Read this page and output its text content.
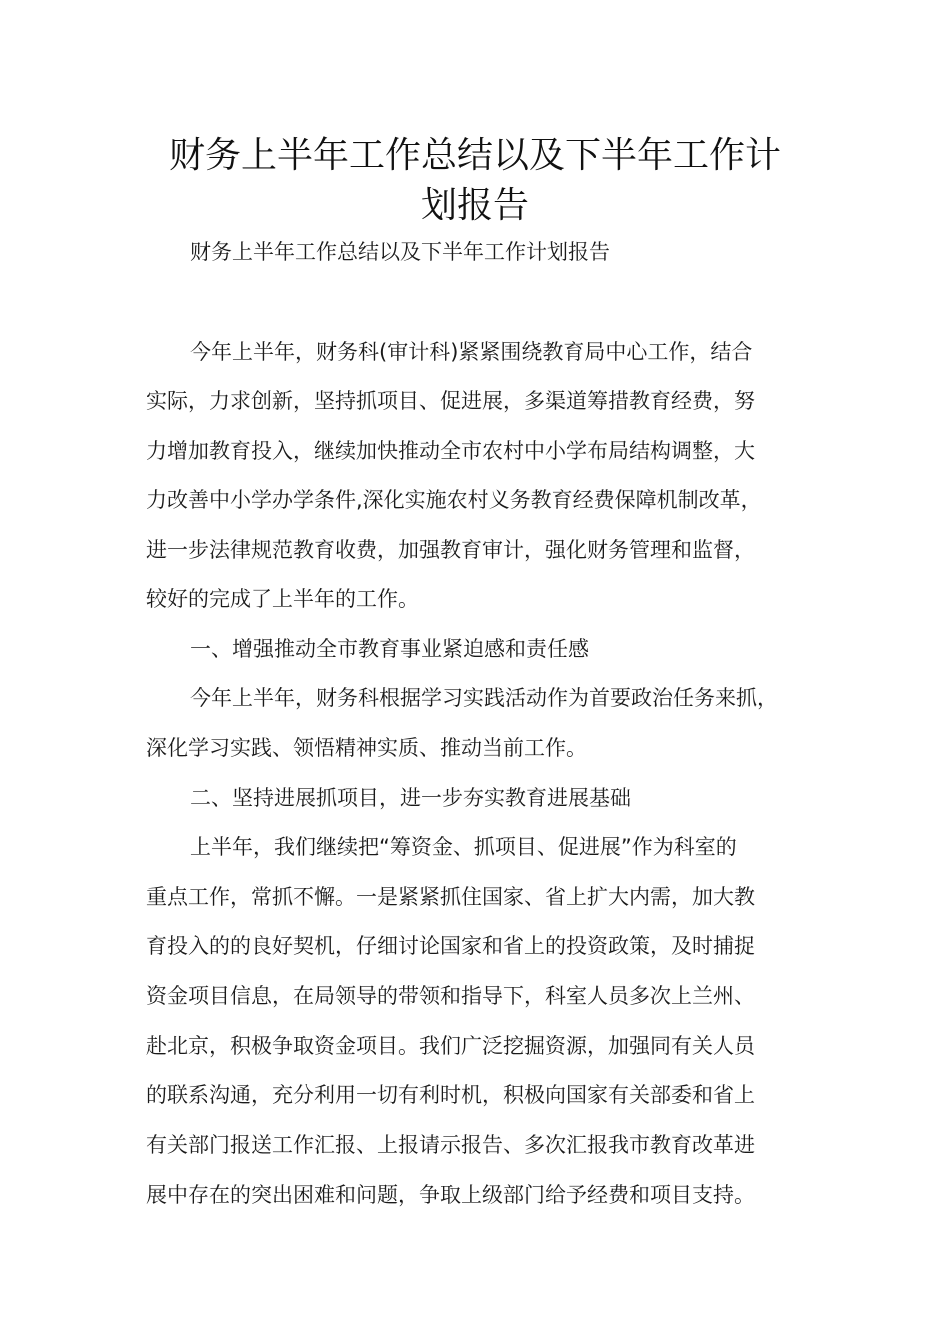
财务上半年工作总结以及下半年工作计
划报告

财务上半年工作总结以及下半年工作计划报告

今年上半年，财务科(审计科)紧紧围绕教育局中心工作，结合

实际，力求创新，坚持抓项目、促进展，多渠道筹措教育经费，努

力增加教育投入，继续加快推动全市农村中小学布局结构调整，大

力改善中小学办学条件,深化实施农村义务教育经费保障机制改革，

进一步法律规范教育收费，加强教育审计，强化财务管理和监督，

较好的完成了上半年的工作。

一、增强推动全市教育事业紧迫感和责任感

今年上半年，财务科根据学习实践活动作为首要政治任务来抓，

深化学习实践、领悟精神实质、推动当前工作。

二、坚持进展抓项目，进一步夯实教育进展基础

上半年，我们继续把“筹资金、抓项目、促进展”作为科室的

重点工作，常抓不懈。一是紧紧抓住国家、省上扩大内需，加大教

育投入的的良好契机，仔细讨论国家和省上的投资政策，及时捕捉

资金项目信息，在局领导的带领和指导下，科室人员多次上兰州、

赴北京，积极争取资金项目。我们广泛挖掘资源，加强同有关人员

的联系沟通，充分利用一切有利时机，积极向国家有关部委和省上

有关部门报送工作汇报、上报请示报告、多次汇报我市教育改革进

展中存在的突出困难和问题，争取上级部门给予经费和项目支持。
